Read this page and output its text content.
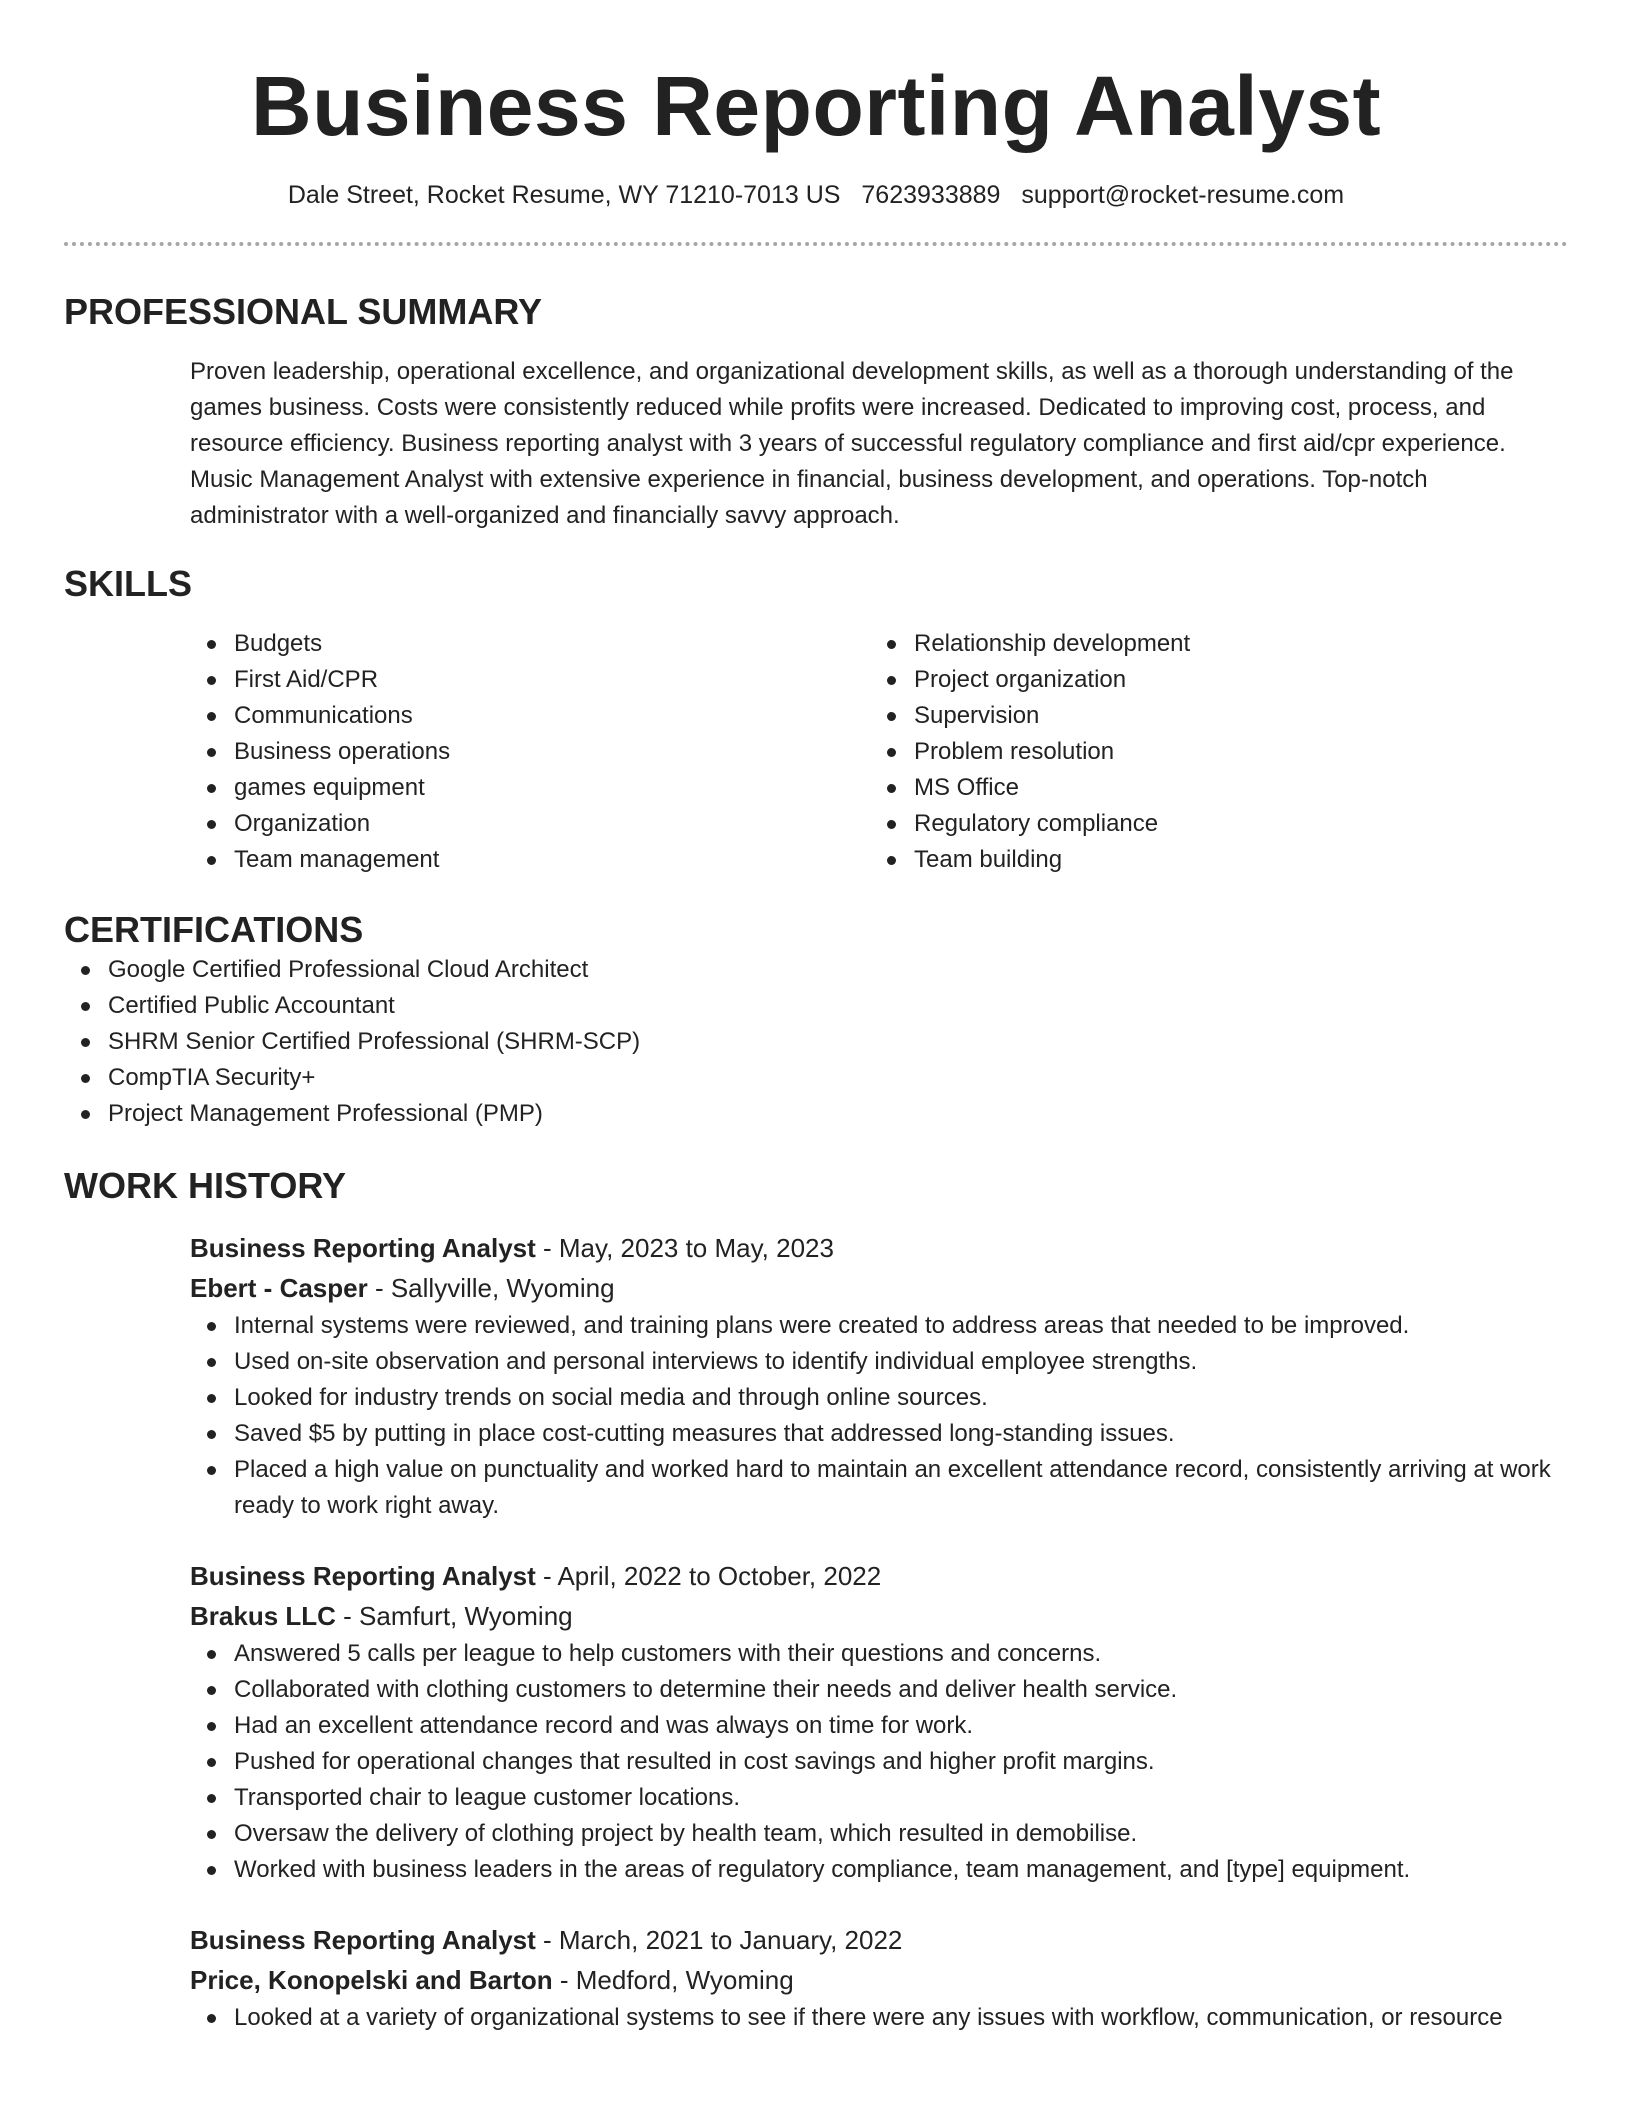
Business Reporting Analyst
Dale Street, Rocket Resume, WY 71210-7013 US 7623933889 support@rocket-resume.com
PROFESSIONAL SUMMARY

Proven leadership, operational excellence, and organizational development skills, as well as a thorough understanding of the games business. Costs were consistently reduced while profits were increased. Dedicated to improving cost, process, and resource efficiency. Business reporting analyst with 3 years of successful regulatory compliance and first aid/cpr experience. Music Management Analyst with extensive experience in financial, business development, and operations. Top-notch administrator with a well-organized and financially savvy approach.

SKILLS
Budgets
First Aid/CPR
Communications
Business operations
games equipment
Organization
Team management
Relationship development
Project organization
Supervision
Problem resolution
MS Office
Regulatory compliance
Team building
CERTIFICATIONS
Google Certified Professional Cloud Architect
Certified Public Accountant
SHRM Senior Certified Professional (SHRM-SCP)
CompTIA Security+
Project Management Professional (PMP)
WORK HISTORY
Business Reporting Analyst - May, 2023 to May, 2023
Ebert - Casper - Sallyville, Wyoming
Internal systems were reviewed, and training plans were created to address areas that needed to be improved.
Used on-site observation and personal interviews to identify individual employee strengths.
Looked for industry trends on social media and through online sources.
Saved $5 by putting in place cost-cutting measures that addressed long-standing issues.
Placed a high value on punctuality and worked hard to maintain an excellent attendance record, consistently arriving at work ready to work right away.
Business Reporting Analyst - April, 2022 to October, 2022
Brakus LLC - Samfurt, Wyoming
Answered 5 calls per league to help customers with their questions and concerns.
Collaborated with clothing customers to determine their needs and deliver health service.
Had an excellent attendance record and was always on time for work.
Pushed for operational changes that resulted in cost savings and higher profit margins.
Transported chair to league customer locations.
Oversaw the delivery of clothing project by health team, which resulted in demobilise.
Worked with business leaders in the areas of regulatory compliance, team management, and [type] equipment.
Business Reporting Analyst - March, 2021 to January, 2022
Price, Konopelski and Barton - Medford, Wyoming
Looked at a variety of organizational systems to see if there were any issues with workflow, communication, or resource
